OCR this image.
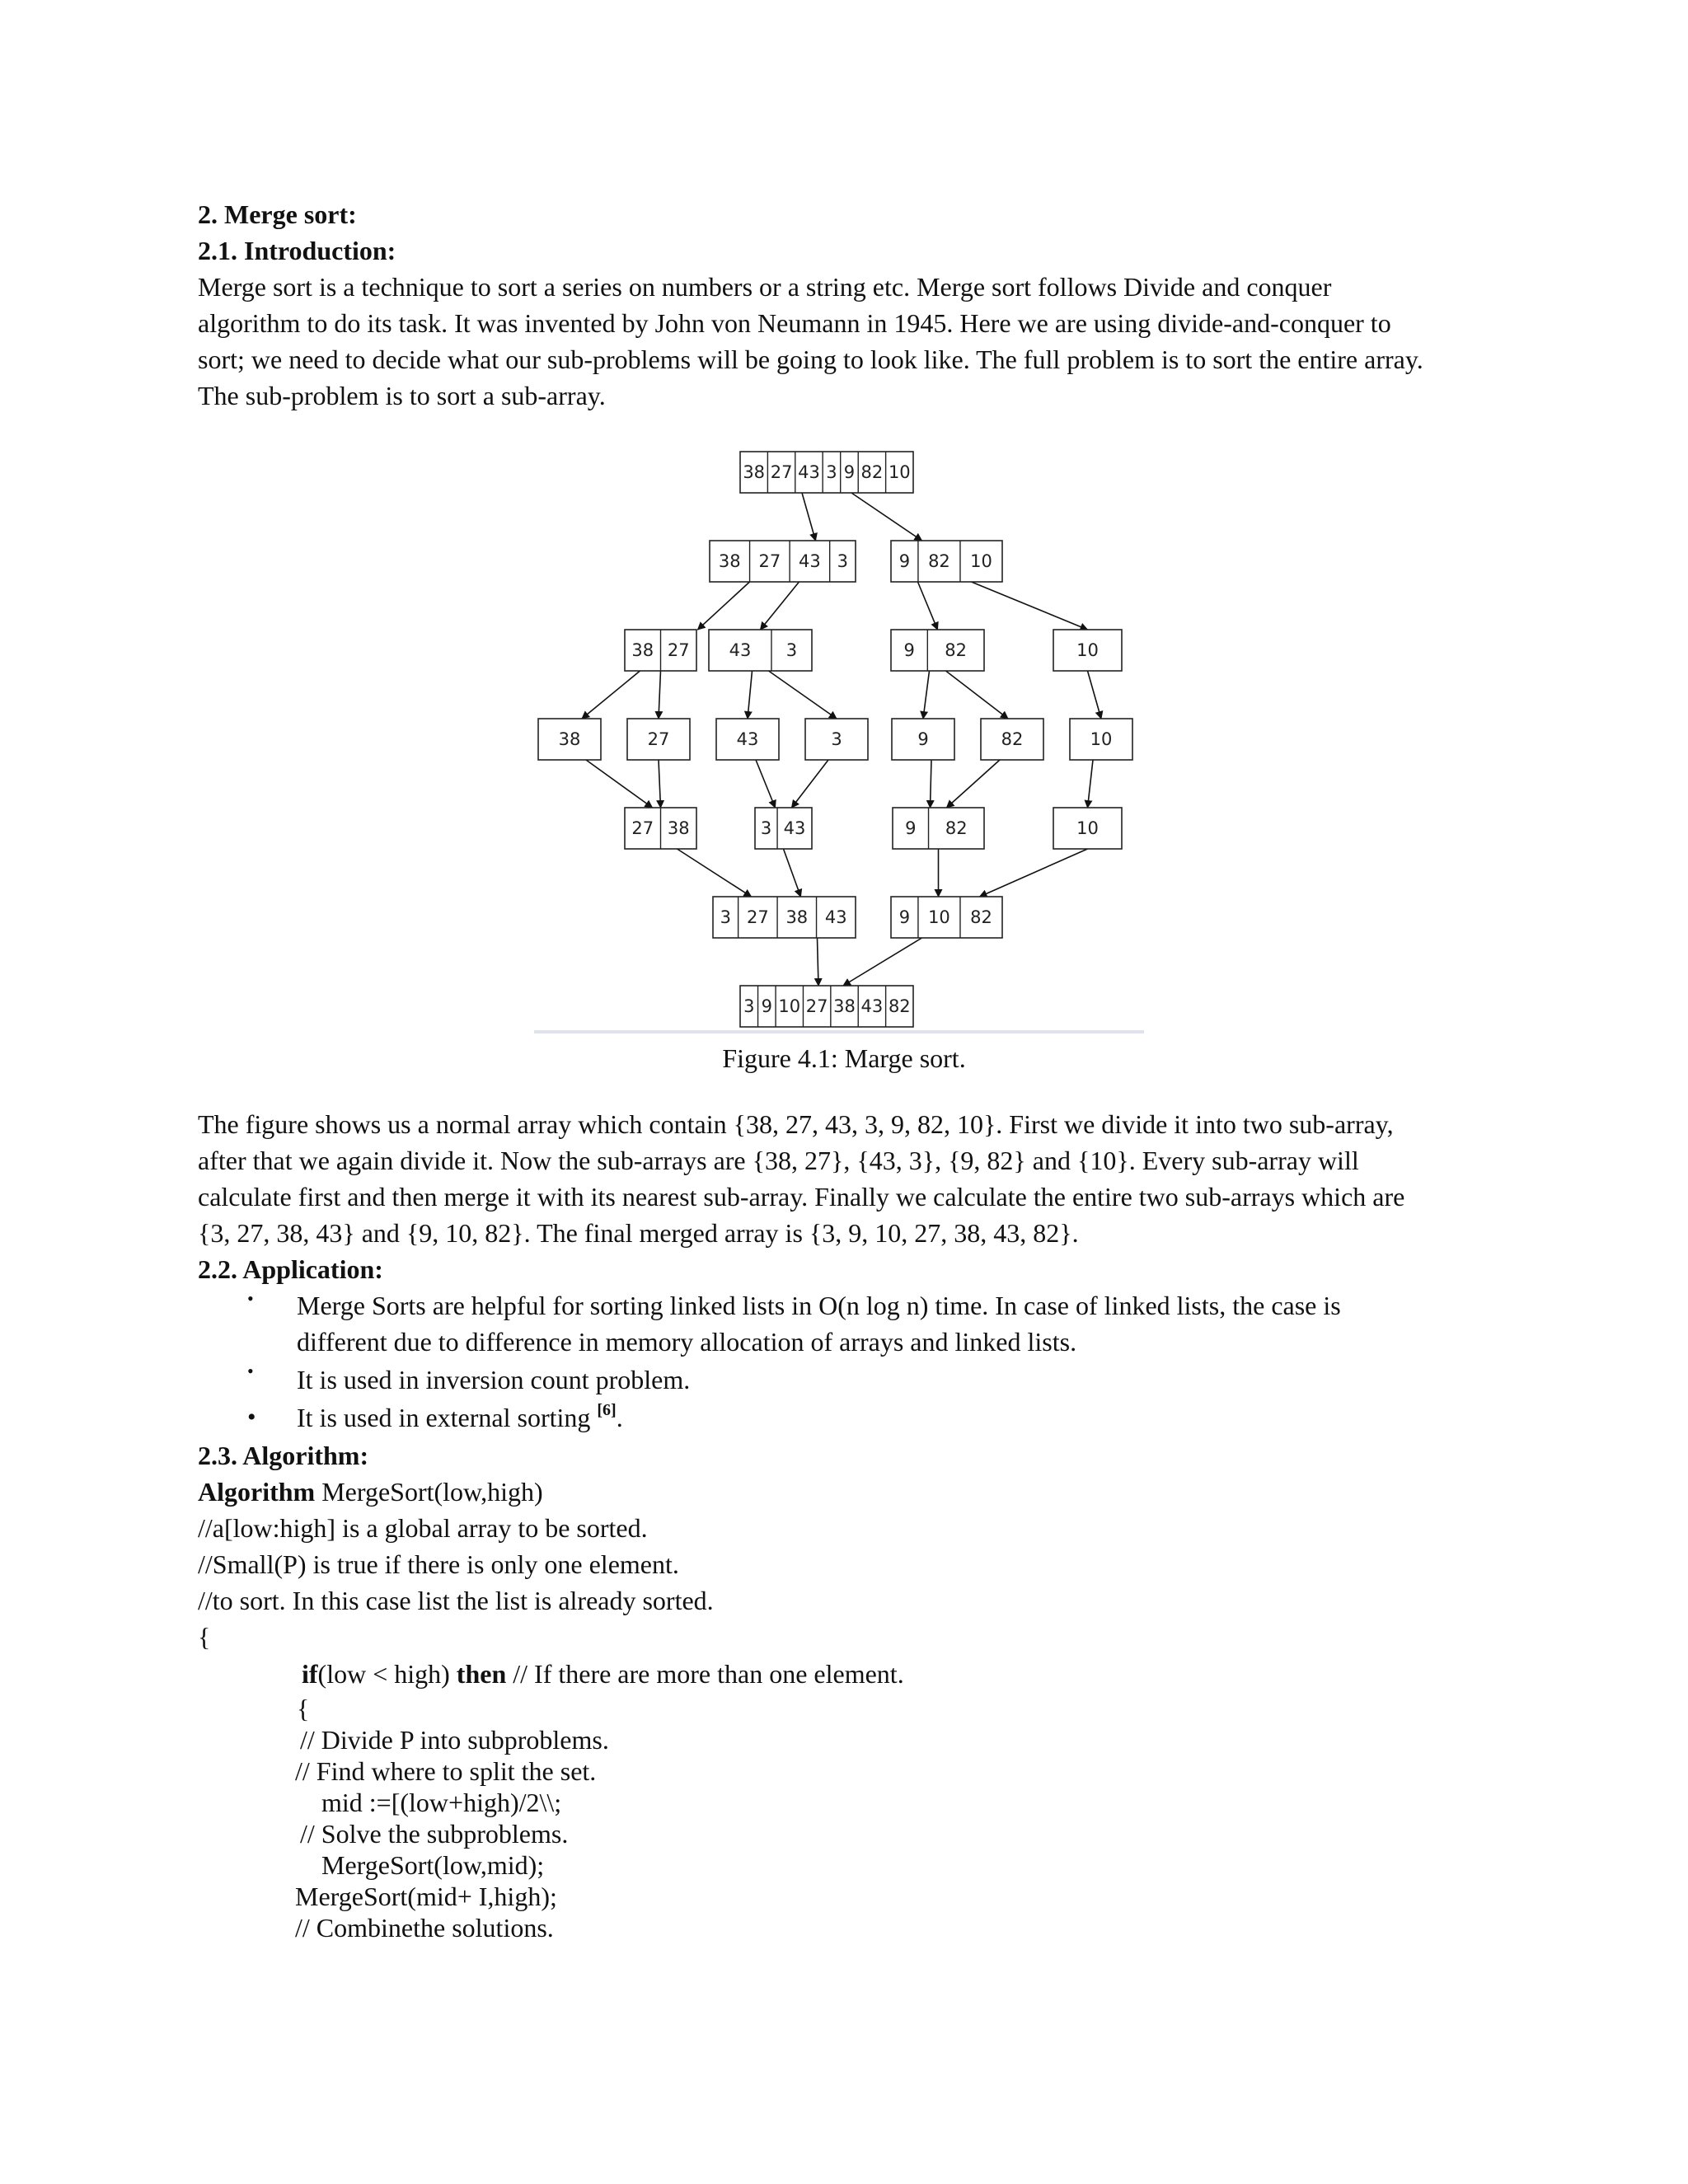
2. Merge sort:
2.1. Introduction:
Merge sort is a technique to sort a series on numbers or a string etc. Merge sort follows Divide and conquer
algorithm to do its task. It was invented by John von Neumann in 1945. Here we are using divide-and-conquer to
sort; we need to decide what our sub-problems will be going to look like. The full problem is to sort the entire array.
The sub-problem is to sort a sub-array.
The figure shows us a normal array which contain {38, 27, 43, 3, 9, 82, 10}. First we divide it into two sub-array,
after that we again divide it. Now the sub-arrays are {38, 27}, {43, 3}, {9, 82} and {10}. Every sub-array will
calculate first and then merge it with its nearest sub-array. Finally we calculate the entire two sub-arrays which are
{3, 27, 38, 43} and {9, 10, 82}. The final merged array is {3, 9, 10, 27, 38, 43, 82}.
2.2. Application:
• Merge Sorts are helpful for sorting linked lists in O(n log n) time. In case of linked lists, the case is
different due to difference in memory allocation of arrays and linked lists.
• It is used in inversion count problem.
• It is used in external sorting [6].
2.3. Algorithm:
Algorithm MergeSort(low,high)
//a[low:high] is a global array to be sorted.
//Small(P) is true if there is only one element.
//to sort. In this case list the list is already sorted.
{
if(low < high) then // If there are more than one element.
{
// Divide P into subproblems.
// Find where to split the set.
mid :=[(low+high)/2\\;
// Solve the subproblems.
MergeSort(low,mid);
MergeSort(mid+ I,high);
// Combinethe solutions.
38 27 43 3 9 82 10
38 27 43 3	9 82 10
38 27 43 3	9 82	10
38	27	43	3	9	82	10
27 38	3 43	9 82	10
3 27 38 43	9 10 82
3 9 10 27 38 43 82
Figure 4.1: Marge sort.
